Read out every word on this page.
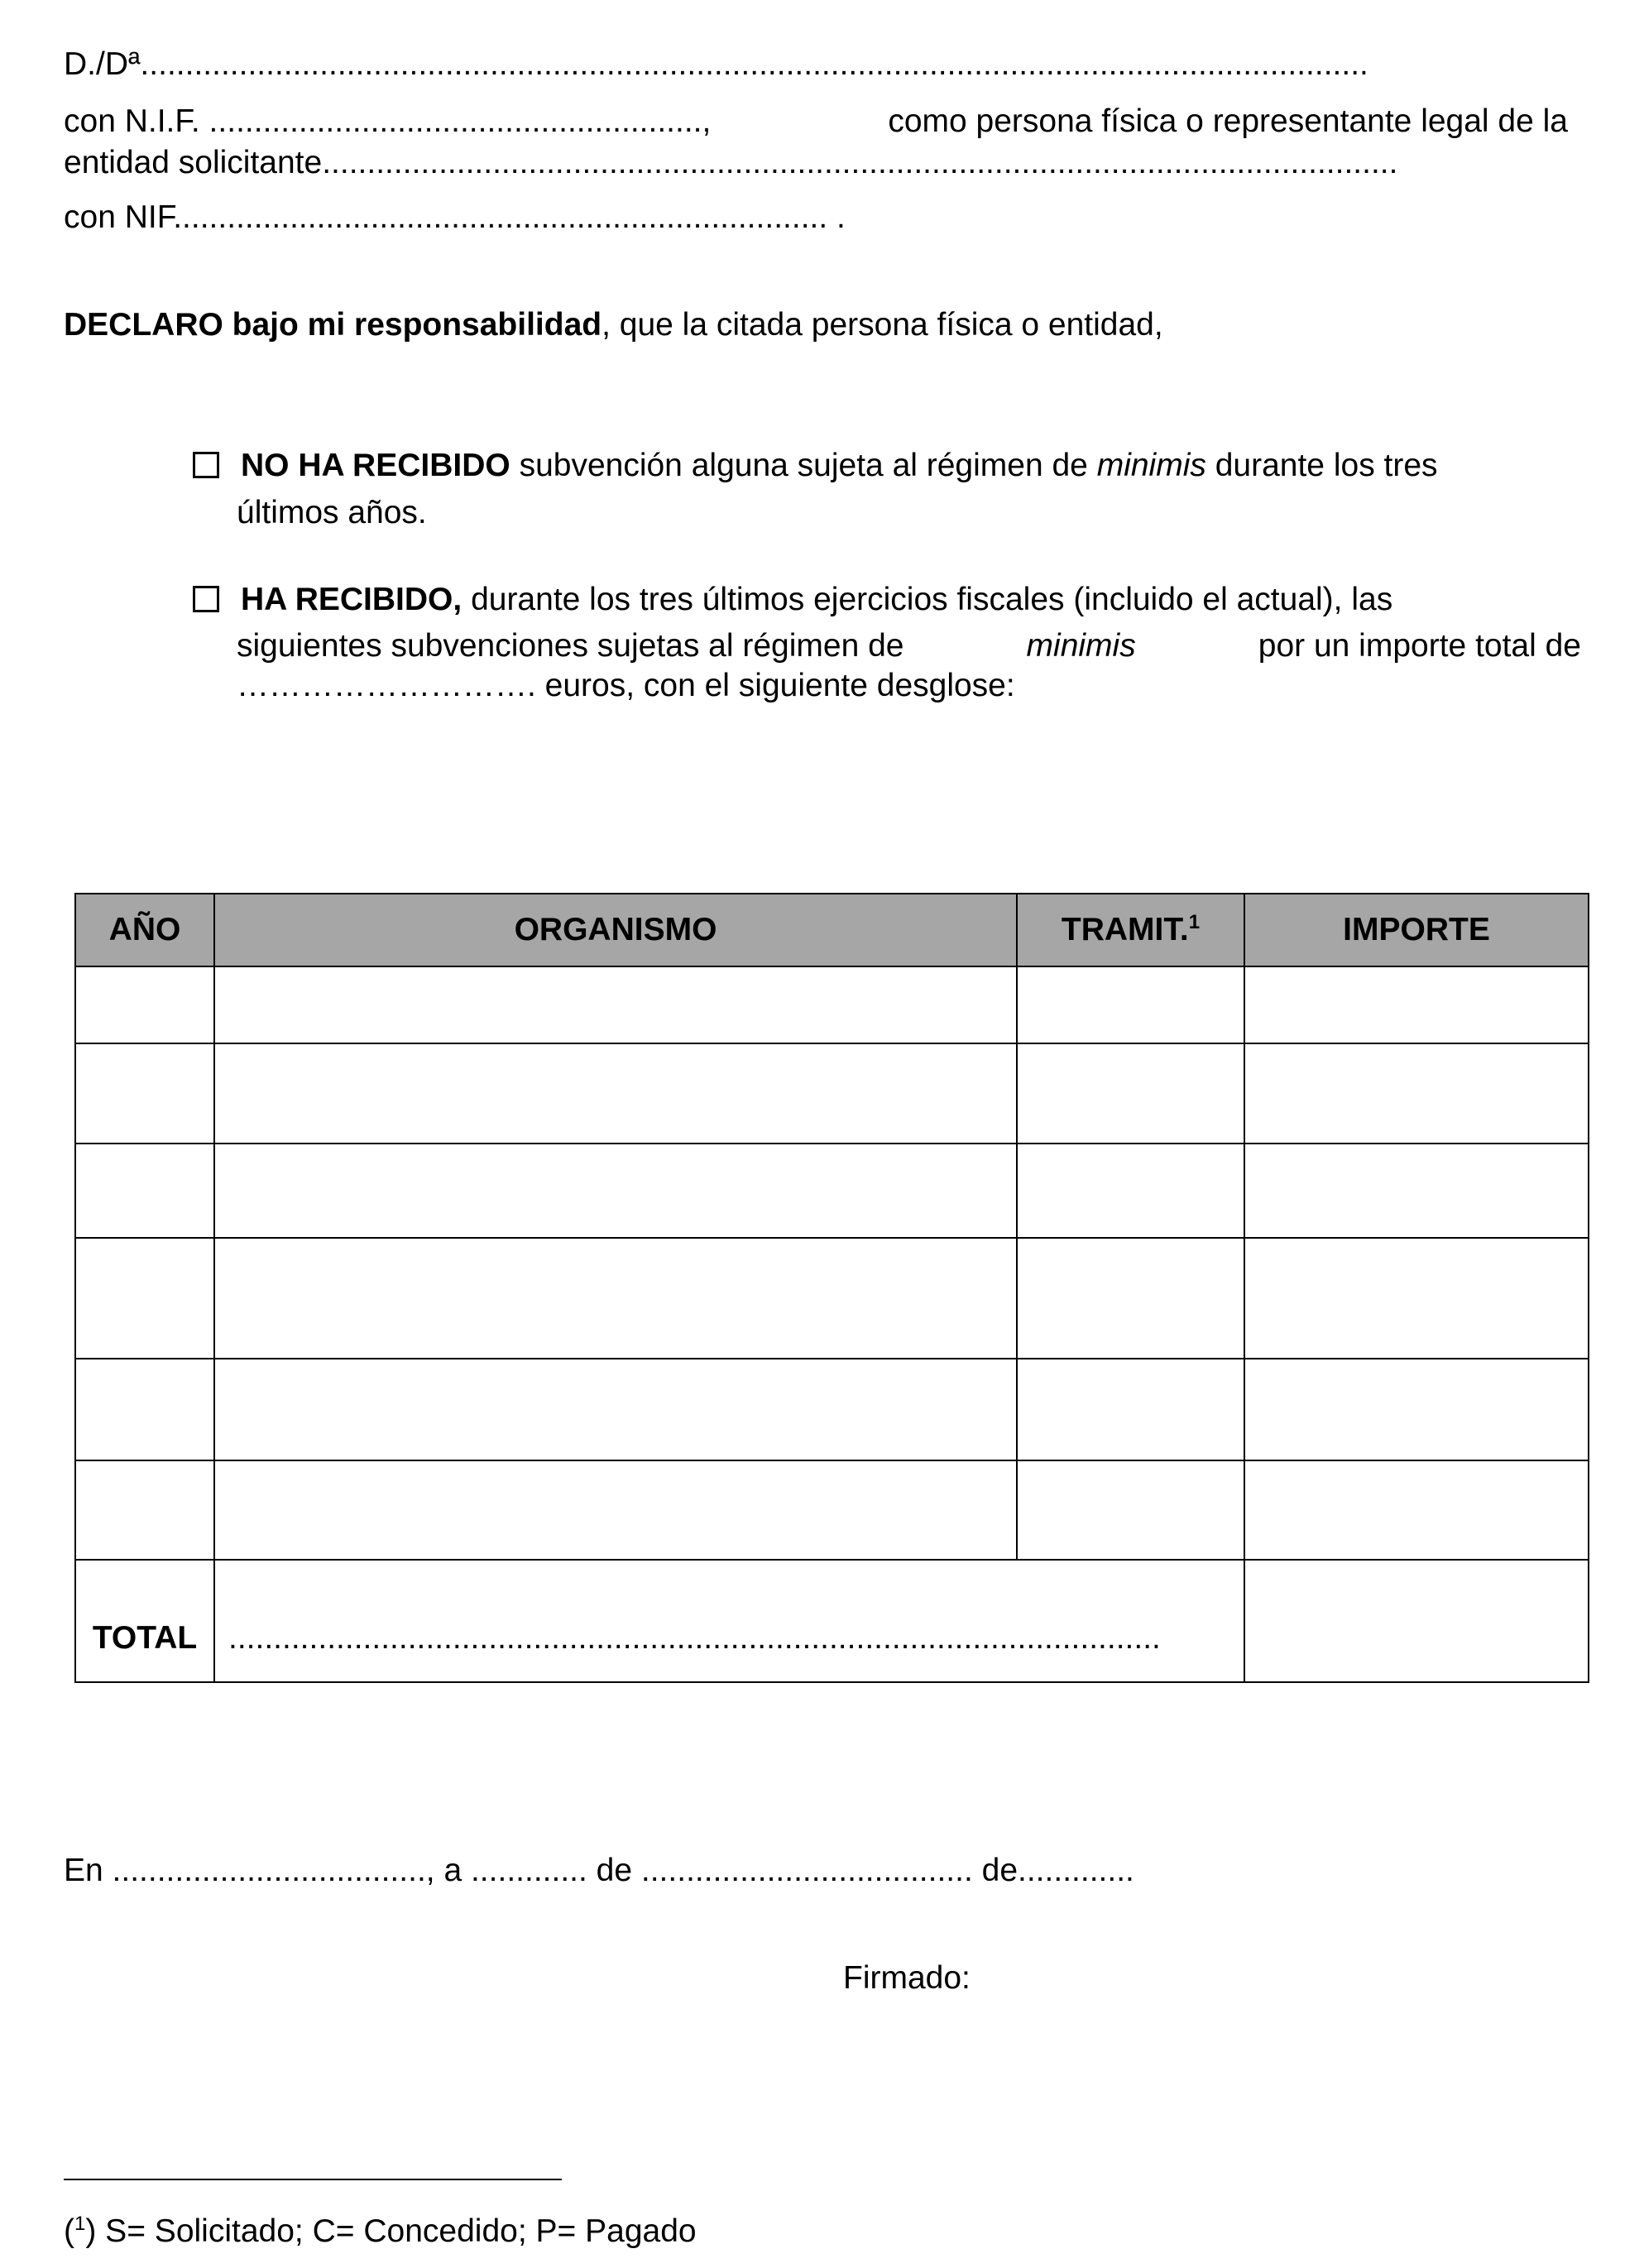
D./Dª.........................................................................................................................................
con N.I.F. .......................................................,	como persona física o representante legal de la
entidad solicitante........................................................................................................................
con NIF......................................................................... .
DECLARO bajo mi responsabilidad, que la citada persona física o entidad,
NO HA RECIBIDO subvención alguna sujeta al régimen de minimis durante los tres
últimos años.
HA RECIBIDO, durante los tres últimos ejercicios fiscales (incluido el actual), las
siguientes subvenciones sujetas al régimen de	minimis	por un importe total de
………………………. euros, con el siguiente desglose:
AÑO	ORGANISMO	TRAMIT.$^1$	IMPORTE

TOTAL	........................................................................................................		
En ..................................., a ............. de ..................................... de.............
Firmado:
($^1$) S= Solicitado; C= Concedido; P= Pagado
